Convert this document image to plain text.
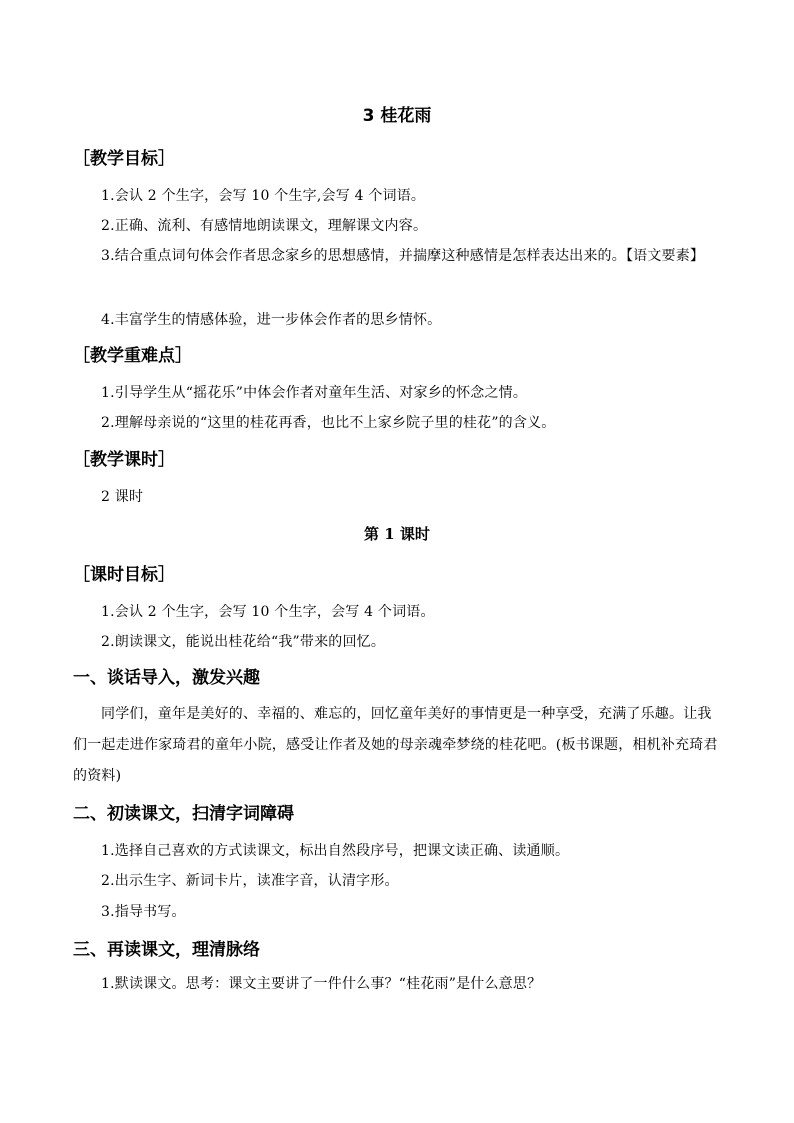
3 桂花雨
［教学目标］

1.会认 2 个生字，会写 10 个生字,会写 4 个词语。

2.正确、流利、有感情地朗读课文，理解课文内容。

3.结合重点词句体会作者思念家乡的思想感情，并揣摩这种感情是怎样表达出来的。【语文要素】

4.丰富学生的情感体验，进一步体会作者的思乡情怀。

［教学重难点］

1.引导学生从“摇花乐”中体会作者对童年生活、对家乡的怀念之情。

2.理解母亲说的“这里的桂花再香，也比不上家乡院子里的桂花”的含义。

［教学课时］

2 课时

第 1 课时
［课时目标］

1.会认 2 个生字，会写 10 个生字，会写 4 个词语。

2.朗读课文，能说出桂花给“我”带来的回忆。

一、谈话导入，激发兴趣

同学们，童年是美好的、幸福的、难忘的，回忆童年美好的事情更是一种享受，充满了乐趣。让我们一起走进作家琦君的童年小院，感受让作者及她的母亲魂牵梦绕的桂花吧。(板书课题，相机补充琦君的资料)

二、初读课文，扫清字词障碍

1.选择自己喜欢的方式读课文，标出自然段序号，把课文读正确、读通顺。

2.出示生字、新词卡片，读准字音，认清字形。

3.指导书写。

三、再读课文，理清脉络

1.默读课文。思考：课文主要讲了一件什么事？“桂花雨”是什么意思？
